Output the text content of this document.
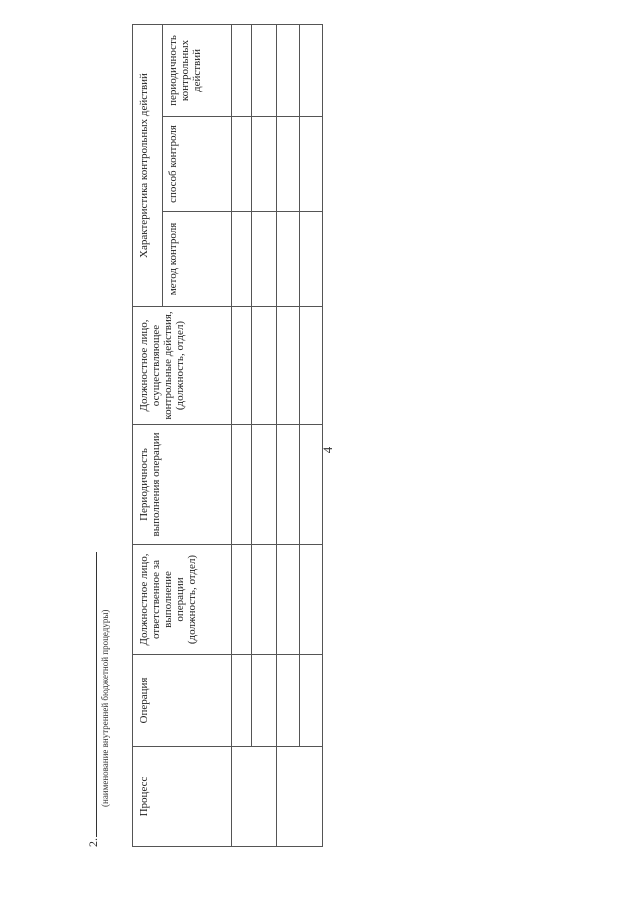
4
2.
(наименование внутренней бюджетной процедуры)	Процесс	Операция	Должностное лицо, ответственное за выполнение операции (должность, отдел)	Периодичность выполнения операции	Должностное лицо, осуществляющее контрольные действия, (должность, отдел)	Характеристика контрольных действий		
					метод контроля	способ контроля	периодичность контрольных действий
